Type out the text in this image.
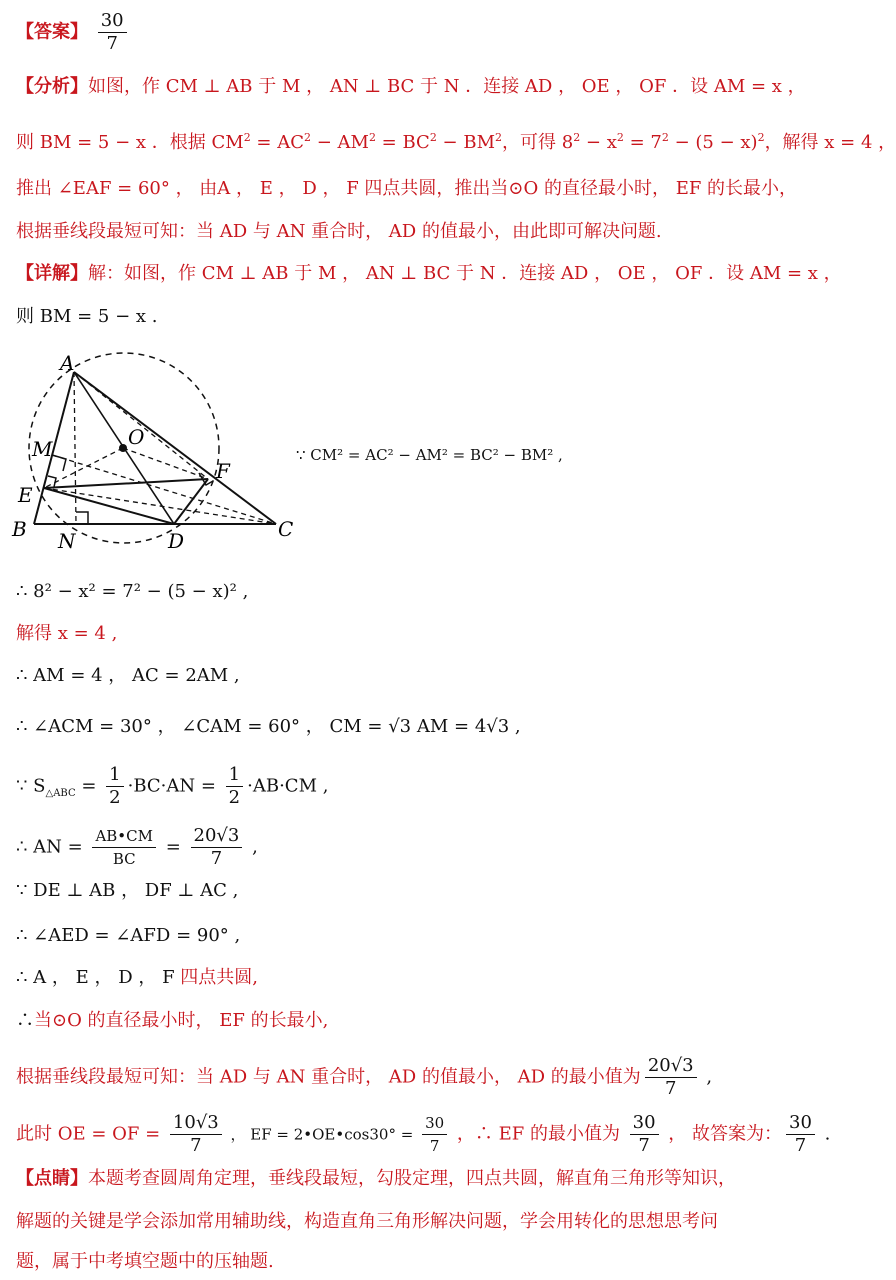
【答案】 $\frac{30}{7}$
【分析】如图，作 CM ⊥ AB 于 M ， AN ⊥ BC 于 N ．连接 AD ， OE ， OF ．设 AM = x ，
则 BM = 5 − x ．根据 $CM^2 = AC^2 - AM^2 = BC^2 - BM^2$，可得 $8^2 - x^2 = 7^2 - (5 - x)^2$，解得 x = 4 ，
推出 ∠EAF = 60° ， 由A ， E ， D ， F 四点共圆，推出当⊙O 的直径最小时， EF 的长最小，
根据垂线段最短可知：当 AD 与 AN 重合时， AD 的值最小，由此即可解决问题.
【详解】解：如图，作 CM ⊥ AB 于 M ， AN ⊥ BC 于 N ．连接 AD ， OE ， OF ．设 AM = x ，
则 BM = 5 − x .
A
B	C
D
E
F
M
N
O
∵ CM² = AC² − AM² = BC² − BM² ,
∴ 8² − x² = 7² − (5 − x)² ,
解得 x = 4 ,
∴ AM = 4 ， AC = 2AM ,
∴ ∠ACM = 30° ， ∠CAM = 60° ， CM = √3 AM = 4√3 ,
∵ $S_{\triangle ABC} = \frac{1}{2} \cdot BC\cdot AN = \frac{1}{2} \cdot AB\cdot CM$ ,
∴ AN = $\frac{AB•CM}{BC} = \frac{20√3}{7}$ ,
∵ DE ⊥ AB ， DF ⊥ AC ,
∴ ∠AED = ∠AFD = 90° ,
∴ A ， E ， D ， F 四点共圆,
∴当⊙O 的直径最小时， EF 的长最小,
根据垂线段最短可知：当 AD 与 AN 重合时， AD 的值最小， AD 的最小值为 $\frac{20√3}{7}$ ,
此时 OE = OF = $\frac{10√3}{7}$ ， EF = 2•OE•cos30° = $\frac{30}{7}$ ，∴ EF 的最小值为 $\frac{30}{7}$ ， 故答案为： $\frac{30}{7}$ .
【点睛】本题考查圆周角定理，垂线段最短，勾股定理，四点共圆，解直角三角形等知识，
解题的关键是学会添加常用辅助线，构造直角三角形解决问题，学会用转化的思想思考问
题，属于中考填空题中的压轴题.
